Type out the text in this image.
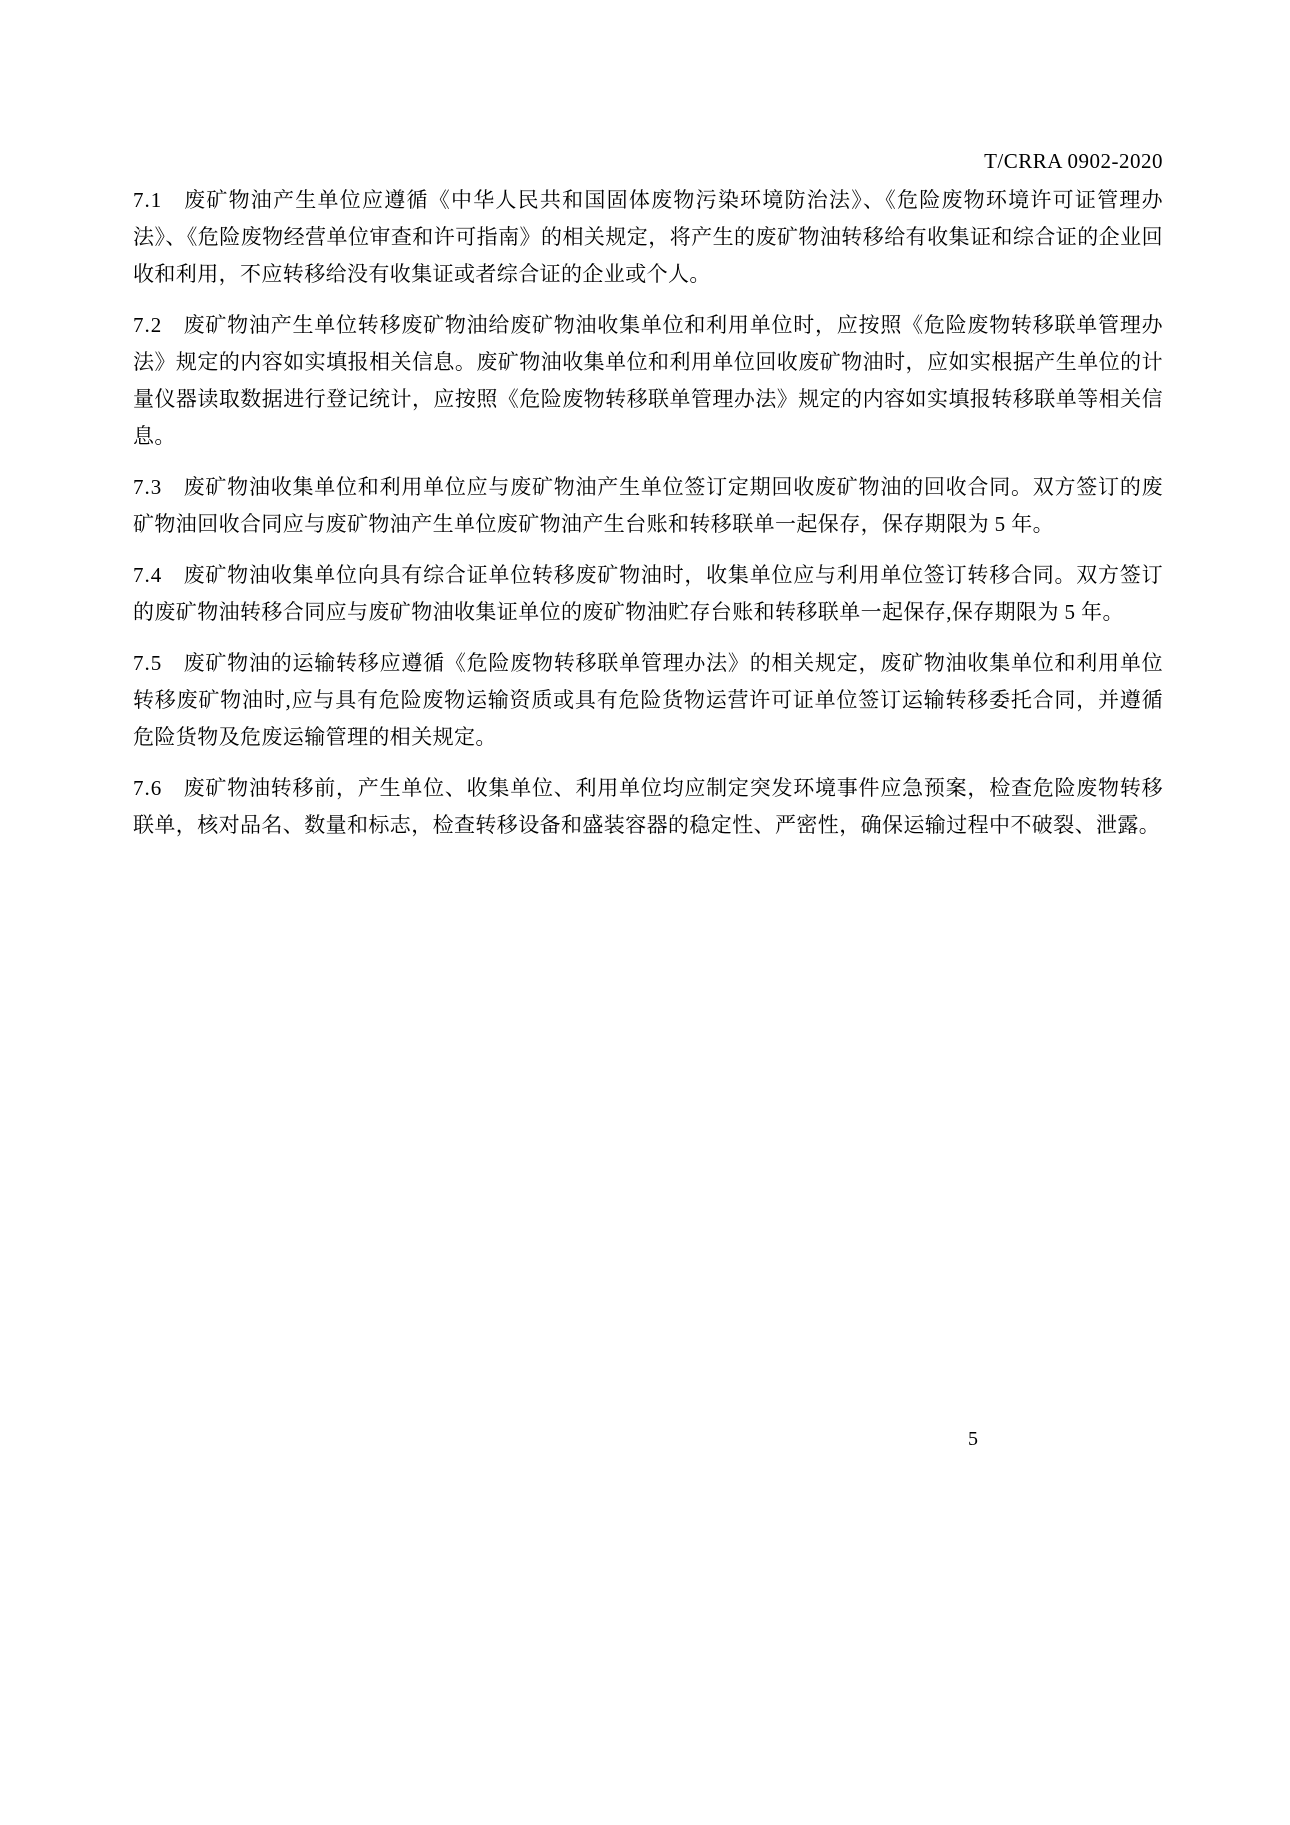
T/CRRA 0902-2020

7.1 废矿物油产生单位应遵循《中华人民共和国固体废物污染环境防治法》、《危险废物环境许可证管理办法》、《危险废物经营单位审查和许可指南》的相关规定，将产生的废矿物油转移给有收集证和综合证的企业回收和利用，不应转移给没有收集证或者综合证的企业或个人。

7.2 废矿物油产生单位转移废矿物油给废矿物油收集单位和利用单位时，应按照《危险废物转移联单管理办法》规定的内容如实填报相关信息。废矿物油收集单位和利用单位回收废矿物油时，应如实根据产生单位的计量仪器读取数据进行登记统计，应按照《危险废物转移联单管理办法》规定的内容如实填报转移联单等相关信息。

7.3 废矿物油收集单位和利用单位应与废矿物油产生单位签订定期回收废矿物油的回收合同。双方签订的废矿物油回收合同应与废矿物油产生单位废矿物油产生台账和转移联单一起保存，保存期限为 5 年。

7.4 废矿物油收集单位向具有综合证单位转移废矿物油时，收集单位应与利用单位签订转移合同。双方签订的废矿物油转移合同应与废矿物油收集证单位的废矿物油贮存台账和转移联单一起保存,保存期限为 5 年。

7.5 废矿物油的运输转移应遵循《危险废物转移联单管理办法》的相关规定，废矿物油收集单位和利用单位转移废矿物油时,应与具有危险废物运输资质或具有危险货物运营许可证单位签订运输转移委托合同，并遵循危险货物及危废运输管理的相关规定。

7.6 废矿物油转移前，产生单位、收集单位、利用单位均应制定突发环境事件应急预案，检查危险废物转移联单，核对品名、数量和标志，检查转移设备和盛装容器的稳定性、严密性，确保运输过程中不破裂、泄露。

5
